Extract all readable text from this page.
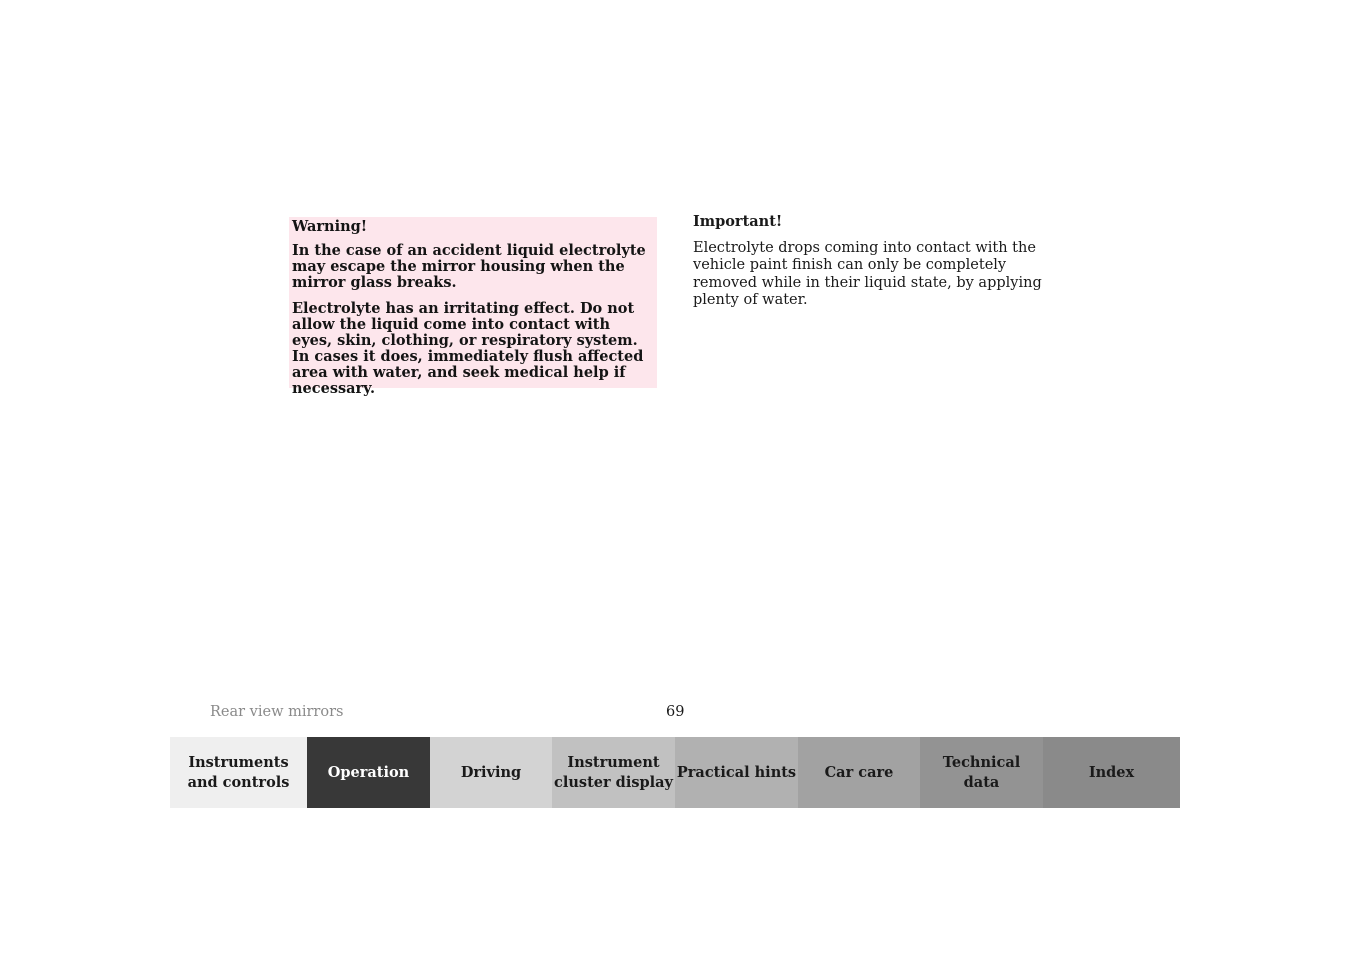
Warning!

In the case of an accident liquid electrolyte may escape the mirror housing when the mirror glass breaks.

Electrolyte has an irritating effect. Do not allow the liquid come into contact with eyes, skin, clothing, or respiratory system. In cases it does, immediately flush affected area with water, and seek medical help if necessary.

Important!

Electrolyte drops coming into contact with the vehicle paint finish can only be completely removed while in their liquid state, by applying plenty of water.

Rear view mirrors	69
Instruments
and controls
Operation	Driving
Instrument
cluster display
Practical hints	Car care
Technical
data
Index
